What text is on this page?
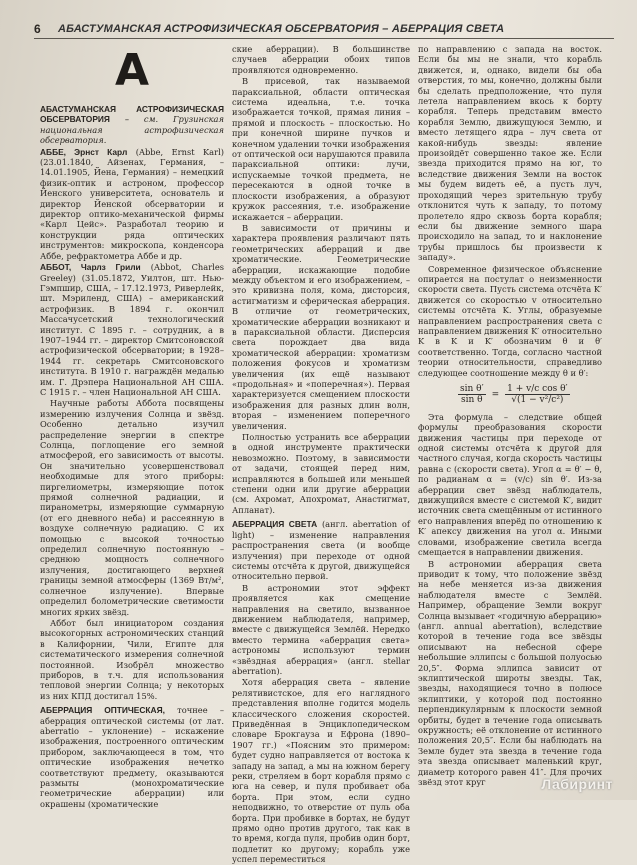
6	АБАСТУМАНСКАЯ АСТРОФИЗИЧЕСКАЯ ОБСЕРВАТОРИЯ – АБЕРРАЦИЯ СВЕТА
А

АБАСТУМАНСКАЯ АСТРОФИЗИЧЕСКАЯ ОБСЕРВАТОРИЯ – см. Грузинская национальная астрофизическая обсерватория.

АББЕ, Эрнст Карл (Abbe, Ernst Karl) (23.01.1840, Айзенах, Германия, – 14.01.1905, Йена, Германия) – немецкий физик-оптик и астроном, профессор Йенского университета, основатель и директор Йенской обсерватории и директор оптико-механической фирмы «Карл Цейс». Разработал теорию и конструкции ряда оптических инструментов: микроскопа, конденсора Аббе, рефрактометра Аббе и др.

АББОТ, Чарлз Грили (Abbot, Charles Greeley) (31.05.1872, Уилтон, шт. Нью-Гэмпшир, США, – 17.12.1973, Риверлейк, шт. Мэриленд, США) – американский астрофизик. В 1894 г. окончил Массачусетский технологический институт. С 1895 г. – сотрудник, а в 1907–1944 гг. – директор Смитсоновской астрофизической обсерватории; в 1928–1944 гг. секретарь Смитсоновского института. В 1910 г. награждён медалью им. Г. Дрэпера Национальной АН США. С 1915 г. – член Национальной АН США.

Научные работы Аббота посвящены измерению излучения Солнца и звёзд. Особенно детально изучил распределение энергии в спектре Солнца, поглощение его земной атмосферой, его зависимость от высоты. Он значительно усовершенствовал необходимые для этого приборы: пиргелиометры, измеряющие поток прямой солнечной радиации, и пиранометры, измеряющие суммарную (от его дневного неба) и рассеянную в воздухе солнечную радиацию. С их помощью с высокой точностью определил солнечную постоянную – среднюю мощность солнечного излучения, достигающего верхней границы земной атмосферы (1369 Вт/м², солнечное излучение). Впервые определил болометрические светимости многих ярких звёзд.

Аббот был инициатором создания высокогорных астрономических станций в Калифорнии, Чили, Египте для систематического измерения солнечной постоянной. Изобрёл множество приборов, в т.ч. для использования тепловой энергии Солнца; у некоторых из них КПД достигал 15%.

АБЕРРАЦИЯ ОПТИЧЕСКАЯ, точнее – аберрация оптической системы (от лат. aberratio – уклонение) – искажение изображения, построенного оптическим прибором, заключающееся в том, что оптические изображения нечетко соответствуют предмету, оказываются размыты (монохроматические геометрические аберрации) или окрашены (хроматические

ские аберрации). В большинстве случаев аберрации обоих типов проявляются одновременно.

В присевой, так называемой параксиальной, области оптическая система идеальна, т.е. точка изображается точкой, прямая линия – прямой и плоскость – плоскостью. Но при конечной ширине пучков и конечном удалении точки изображения от оптической оси нарушаются правила параксиальной оптики: лучи, испускаемые точкой предмета, не пересекаются в одной точке в плоскости изображения, а образуют кружок рассеяния, т.е. изображение искажается – аберрации.

В зависимости от причины и характера проявления различают пять геометрических аберраций и две хроматические. Геометрические аберрации, искажающие подобие между объектом и его изображением, – это кривизна поля, кома, дисторсия, астигматизм и сферическая аберрация. В отличие от геометрических, хроматические аберрации возникают и в параксиальной области. Дисперсия света порождает два вида хроматической аберрации: хроматизм положения фокусов и хроматизм увеличения (их ещё называют «продольная» и «поперечная»). Первая характеризуется смещением плоскости изображения для разных длин волн, вторая – изменением поперечного увеличения.

Полностью устранить все аберрации в одной инструменте практически невозможно. Поэтому, в зависимости от задачи, стоящей перед ним, исправляются в большей или меньшей степени одни или другие аберрации (см. Ахромат, Апохромат, Анастигмат, Апланат).

АБЕРРАЦИЯ СВЕТА (англ. aberration of light) – изменение направления распространения света (и вообще излучения) при переходе от одной системы отсчёта к другой, движущейся относительно первой.

В астрономии этот эффект проявляется как смещение направления на светило, вызванное движением наблюдателя, например, вместе с движущейся Землёй. Нередко вместо термина «аберрация света» астрономы используют термин «звёздная аберрация» (англ. stellar aberration).

Хотя аберрация света – явление релятивистское, для его наглядного представления вполне годится модель классического сложения скоростей. Приведённая в Энциклопедическом словаре Брокгауза и Ефрона (1890–1907 гг.) «Поясним это примером: будет судно направляется от востока к западу на запад, а мы на южном берегу реки, стреляем в борт корабля прямо с юга на север, и пуля пробивает оба борта. При этом, если судно неподвижно, то отверстие от пуль оба борта. При пробивке в бортах, не будут прямо одно против другого, так как в то время, когда пуля, пробив один борт, подлетит ко другому; корабль уже успел переместиться

по направлению с запада на восток. Если бы мы не знали, что корабль движется, и, однако, видели бы оба отверстия, то мы, конечно, должны были бы сделать предположение, что пуля летела направлением вкось к борту корабля. Теперь представим вместо корабля Землю, движущуюся Землю, и вместо летящего ядра – луч света от какой-нибудь звезды: явление произойдёт совершенно такое же. Если звезда приходится прямо на юг, то вследствие движения Земли на восток мы будем видеть её, а пусть луч, проходящий через зрительную трубу отклонится чуть к западу, то потому пролетело ядро сквозь борта корабля; если бы движение земного шара происходило на запад, то и наклонение трубы пришлось бы произвести к западу».

Современное физическое объяснение опирается на постулат о неизменности скорости света. Пусть система отсчёта K′ движется со скоростью v относительно системы отсчёта K. Углы, образуемые направлением распространения света с направлением движения K′ относительно K в K и K′ обозначим θ и θ′ соответственно. Тогда, согласно частной теории относительности, справедливо следующее соотношение между θ и θ′:

$\frac{\text{sin θ′}}{\text{sin θ}} = \frac{\text{1 + v/c cos θ′}}{\text{√(1 − v²/c²)}}$

Эта формула – следствие общей формулы преобразования скорости движения частицы при переходе от одной системы отсчёта к другой для частного случая, когда скорость частицы равна с (скорости света). Угол α = θ′ − θ, по радианам α = (v/c) sin θ′. Из-за аберрации свет звёзд наблюдатель, движущийся вместе с системой K′, видит источник света смещённым от истинного его направления вперёд по отношению к K′ апексу движения на угол α. Иными словами, изображение светила всегда смещается в направлении движения.

В астрономии аберрация света приводит к тому, что положение звёзд на небе меняется из-за движения наблюдателя вместе с Землёй. Например, обращение Земли вокруг Солнца вызывает «годичную аберрацию» (англ. annual aberration), вследствие которой в течение года все звёзды описывают на небесной сфере небольшие эллипсы с большой полуосью 20,5″. Форма эллипса зависит от эклиптической широты звезды. Так, звезды, находящиеся точно в полюсе эклиптики, у которой под постоянно перпендикулярным к плоскости земной орбиты, будет в течение года описывать окружность; её отклонение от истинного положения 20,5″. Если бы наблюдать на Земле будет эта звезда в течение года эта звезда описывает маленький круг, диаметр которого равен 41″. Для прочих звёзд этот круг	Лабиринт
